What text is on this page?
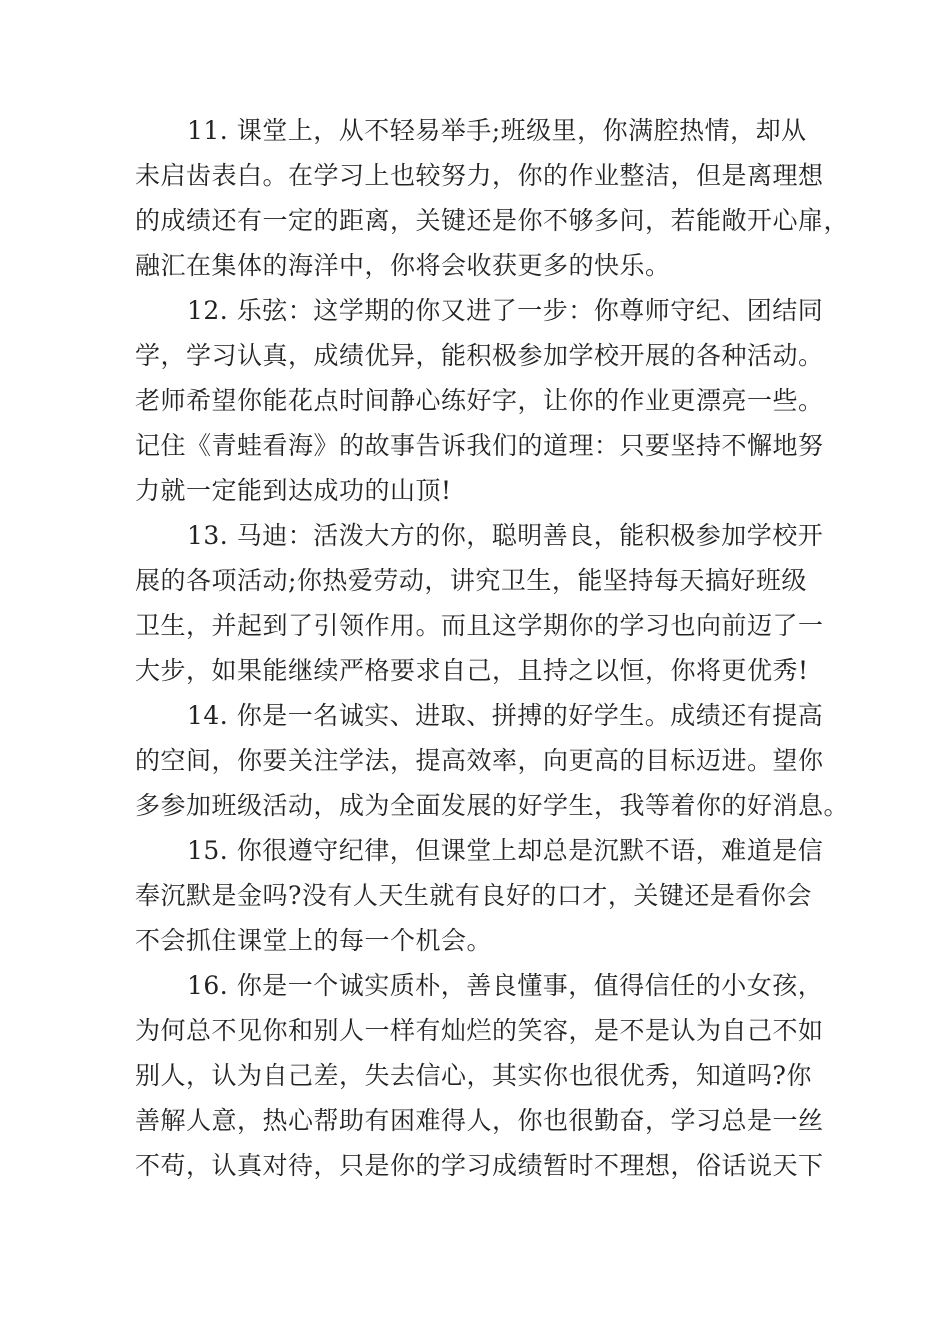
11. 课堂上，从不轻易举手;班级里，你满腔热情，却从
未启齿表白。在学习上也较努力，你的作业整洁，但是离理想
的成绩还有一定的距离，关键还是你不够多问，若能敞开心扉，
融汇在集体的海洋中，你将会收获更多的快乐。

12. 乐弦：这学期的你又进了一步：你尊师守纪、团结同
学，学习认真，成绩优异，能积极参加学校开展的各种活动。
老师希望你能花点时间静心练好字，让你的作业更漂亮一些。
记住《青蛙看海》的故事告诉我们的道理：只要坚持不懈地努
力就一定能到达成功的山顶!

13. 马迪：活泼大方的你，聪明善良，能积极参加学校开
展的各项活动;你热爱劳动，讲究卫生，能坚持每天搞好班级
卫生，并起到了引领作用。而且这学期你的学习也向前迈了一
大步，如果能继续严格要求自己，且持之以恒，你将更优秀!

14. 你是一名诚实、进取、拼搏的好学生。成绩还有提高
的空间，你要关注学法，提高效率，向更高的目标迈进。望你
多参加班级活动，成为全面发展的好学生，我等着你的好消息。

15. 你很遵守纪律，但课堂上却总是沉默不语，难道是信
奉沉默是金吗?没有人天生就有良好的口才，关键还是看你会
不会抓住课堂上的每一个机会。

16. 你是一个诚实质朴，善良懂事，值得信任的小女孩，
为何总不见你和别人一样有灿烂的笑容，是不是认为自己不如
别人，认为自己差，失去信心，其实你也很优秀，知道吗?你
善解人意，热心帮助有困难得人，你也很勤奋，学习总是一丝
不苟，认真对待，只是你的学习成绩暂时不理想，俗话说天下
